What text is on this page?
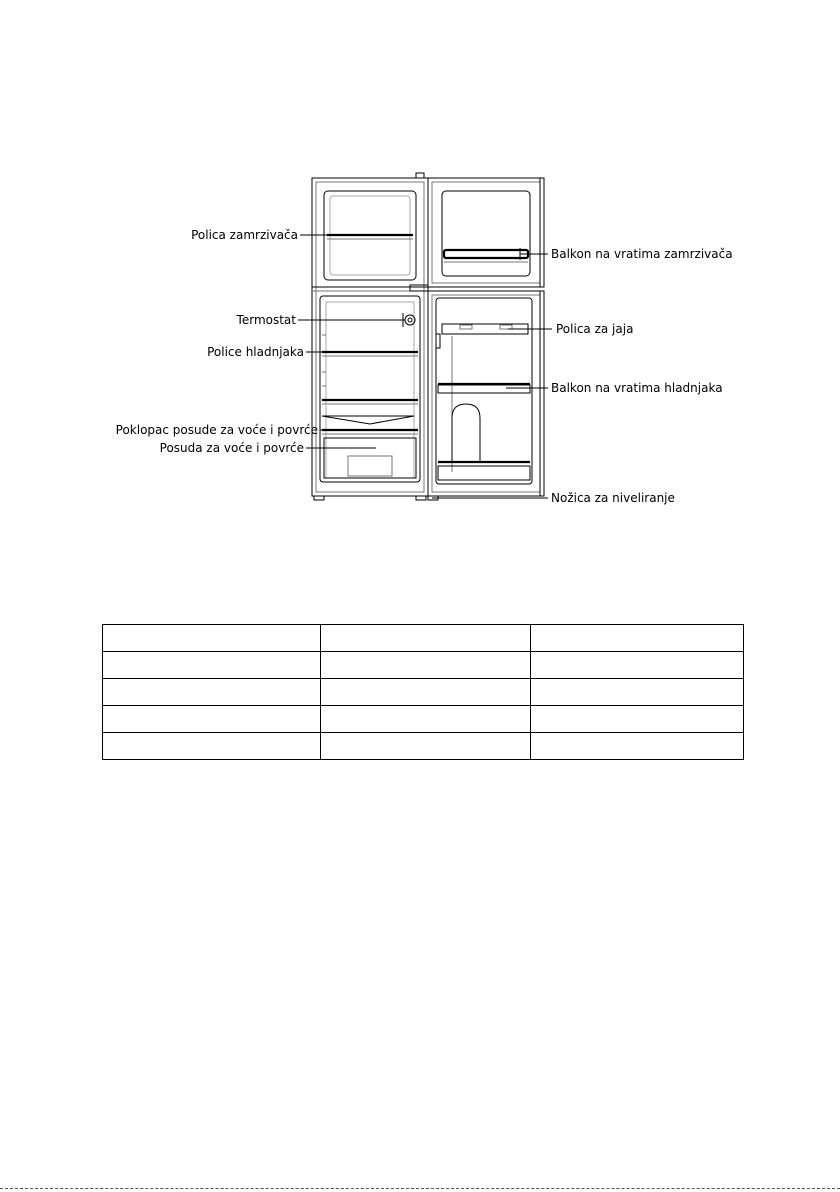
Polica zamrzivača
Termostat
Police hladnjaka
Poklopac posude za voće i povrće
Posuda za voće i povrće
Balkon na vratima zamrzivača
Polica za jaja
Balkon na vratima hladnjaka
Nožica za niveliranje
